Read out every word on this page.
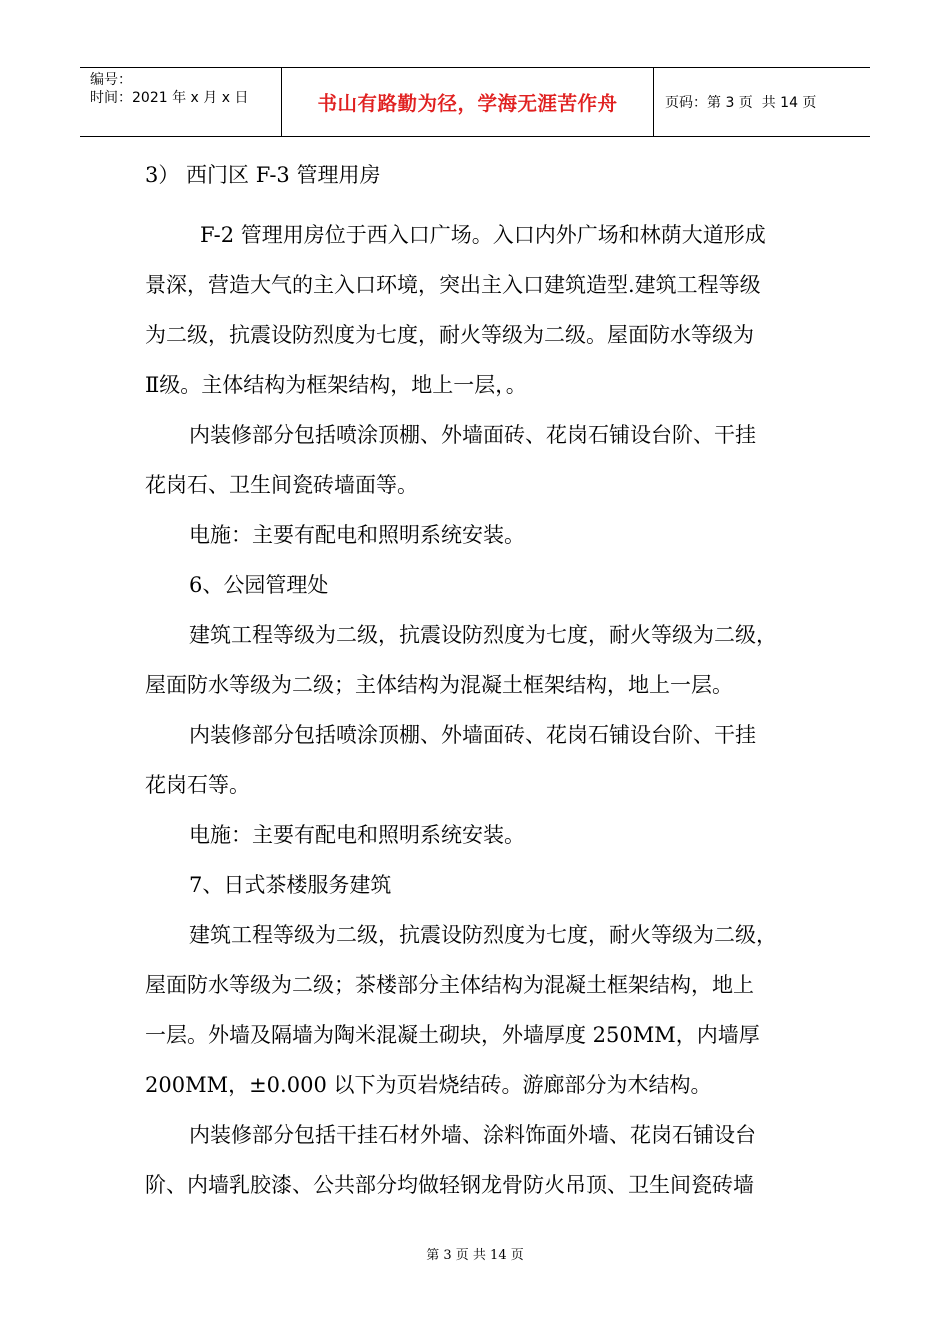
编号：
时间：2021 年 x 月 x 日	书山有路勤为径，学海无涯苦作舟	页码：第 3 页  共 14 页
3） 西门区 F-3 管理用房
F-2 管理用房位于西入口广场。入口内外广场和林荫大道形成
景深，营造大气的主入口环境，突出主入口建筑造型.建筑工程等级
为二级，抗震设防烈度为七度，耐火等级为二级。屋面防水等级为
Ⅱ级。主体结构为框架结构，地上一层，。
内装修部分包括喷涂顶棚、外墙面砖、花岗石铺设台阶、干挂
花岗石、卫生间瓷砖墙面等。
电施：主要有配电和照明系统安装。
6、公园管理处
建筑工程等级为二级，抗震设防烈度为七度，耐火等级为二级，
屋面防水等级为二级；主体结构为混凝土框架结构，地上一层。
内装修部分包括喷涂顶棚、外墙面砖、花岗石铺设台阶、干挂
花岗石等。
电施：主要有配电和照明系统安装。
7、日式茶楼服务建筑
建筑工程等级为二级，抗震设防烈度为七度，耐火等级为二级，
屋面防水等级为二级；茶楼部分主体结构为混凝土框架结构，地上
一层。外墙及隔墙为陶米混凝土砌块，外墙厚度 250MM，内墙厚
200MM，±0.000 以下为页岩烧结砖。游廊部分为木结构。
内装修部分包括干挂石材外墙、涂料饰面外墙、花岗石铺设台
阶、内墙乳胶漆、公共部分均做轻钢龙骨防火吊顶、卫生间瓷砖墙
第 3 页 共 14 页
